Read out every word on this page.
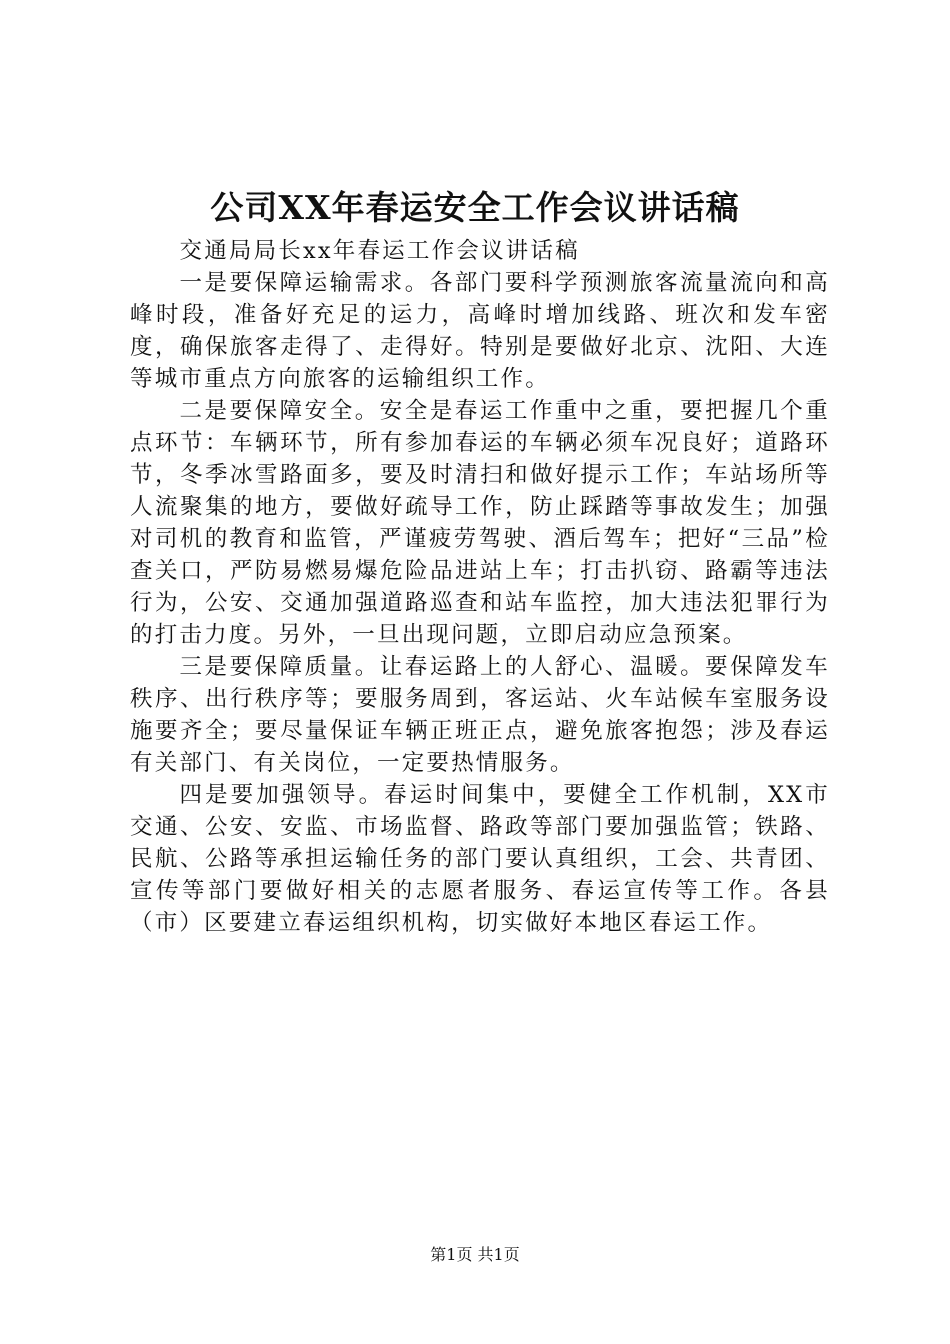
公司XX年春运安全工作会议讲话稿

交通局局长xx年春运工作会议讲话稿

一是要保障运输需求。各部门要科学预测旅客流量流向和高峰时段，准备好充足的运力，高峰时增加线路、班次和发车密度，确保旅客走得了、走得好。特别是要做好北京、沈阳、大连等城市重点方向旅客的运输组织工作。

二是要保障安全。安全是春运工作重中之重，要把握几个重点环节：车辆环节，所有参加春运的车辆必须车况良好；道路环节，冬季冰雪路面多，要及时清扫和做好提示工作；车站场所等人流聚集的地方，要做好疏导工作，防止踩踏等事故发生；加强对司机的教育和监管，严谨疲劳驾驶、酒后驾车；把好“三品”检查关口，严防易燃易爆危险品进站上车；打击扒窃、路霸等违法行为，公安、交通加强道路巡查和站车监控，加大违法犯罪行为的打击力度。另外，一旦出现问题，立即启动应急预案。

三是要保障质量。让春运路上的人舒心、温暖。要保障发车秩序、出行秩序等；要服务周到，客运站、火车站候车室服务设施要齐全；要尽量保证车辆正班正点，避免旅客抱怨；涉及春运有关部门、有关岗位，一定要热情服务。

四是要加强领导。春运时间集中，要健全工作机制，XX市交通、公安、安监、市场监督、路政等部门要加强监管；铁路、民航、公路等承担运输任务的部门要认真组织，工会、共青团、宣传等部门要做好相关的志愿者服务、春运宣传等工作。各县（市）区要建立春运组织机构，切实做好本地区春运工作。

第1页 共1页
